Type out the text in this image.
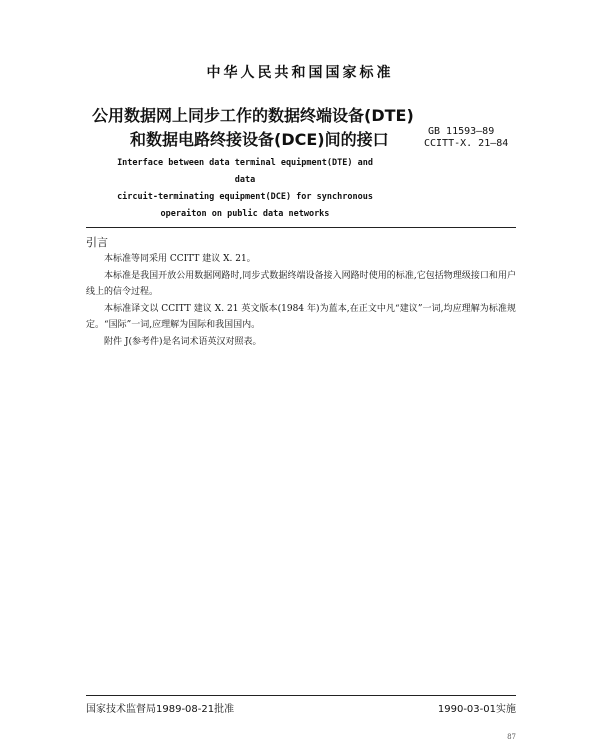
中华人民共和国国家标准
公用数据网上同步工作的数据终端设备(DTE)
和数据电路终接设备(DCE)间的接口	GB 11593—89
CCITT-X. 21—84
Interface between data terminal equipment(DTE) and data
circuit-terminating equipment(DCE) for synchronous
operaiton on public data networks
引言

本标准等同采用 CCITT 建议 X. 21。

本标准是我国开放公用数据网路时,同步式数据终端设备接入网路时使用的标准,它包括物理级接口和用户线上的信令过程。

本标准译文以 CCITT 建议 X. 21 英文版本(1984 年)为蓝本,在正文中凡“建议”一词,均应理解为标准规定。“国际”一词,应理解为国际和我国国内。

附件 J(参考件)是名词术语英汉对照表。

国家技术监督局1989-08-21批准	1990-03-01实施
87
